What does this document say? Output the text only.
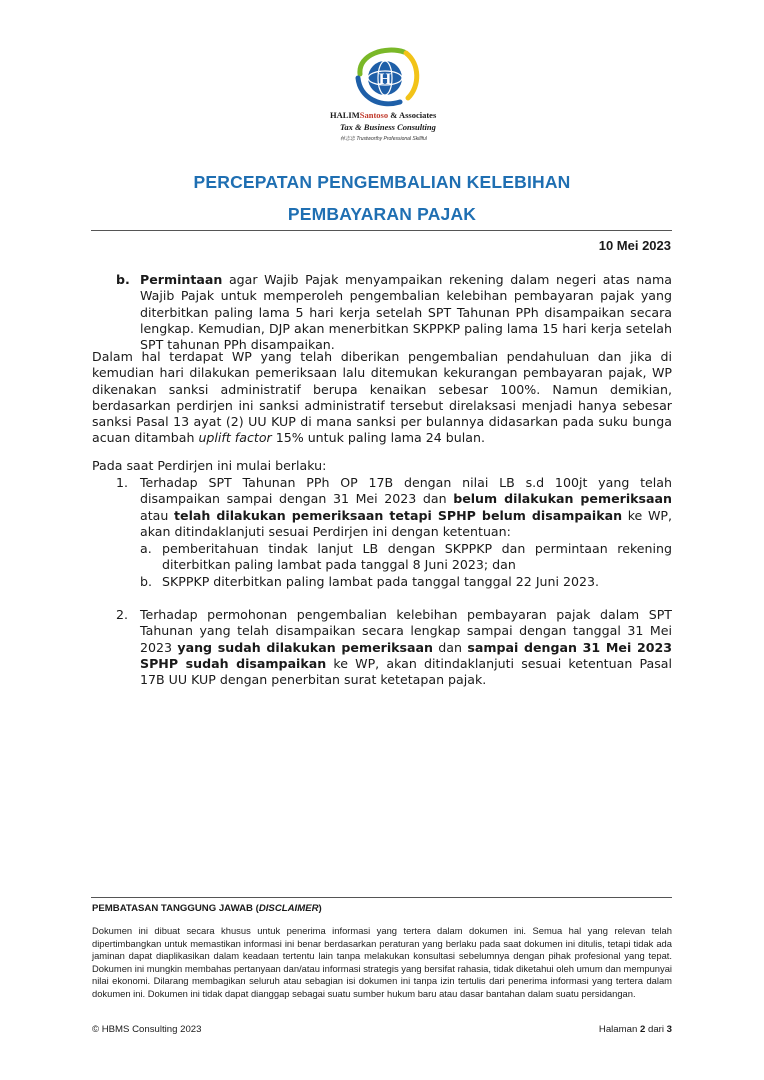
H
HALIMSantoso & Associates
Tax & Business Consulting
林志忠 Trustworthy Professional Skillful
PERCEPATAN PENGEMBALIAN KELEBIHAN
PEMBAYARAN PAJAK
10 Mei 2023
b. Permintaan agar Wajib Pajak menyampaikan rekening dalam negeri atas nama Wajib Pajak untuk memperoleh pengembalian kelebihan pembayaran pajak yang diterbitkan paling lama 5 hari kerja setelah SPT Tahunan PPh disampaikan secara lengkap. Kemudian, DJP akan menerbitkan SKPPKP paling lama 15 hari kerja setelah SPT tahunan PPh disampaikan.
Dalam hal terdapat WP yang telah diberikan pengembalian pendahuluan dan jika di kemudian hari dilakukan pemeriksaan lalu ditemukan kekurangan pembayaran pajak, WP dikenakan sanksi administratif berupa kenaikan sebesar 100%. Namun demikian, berdasarkan perdirjen ini sanksi administratif tersebut direlaksasi menjadi hanya sebesar sanksi Pasal 13 ayat (2) UU KUP di mana sanksi per bulannya didasarkan pada suku bunga acuan ditambah uplift factor 15% untuk paling lama 24 bulan.
Pada saat Perdirjen ini mulai berlaku:
1. Terhadap SPT Tahunan PPh OP 17B dengan nilai LB s.d 100jt yang telah disampaikan sampai dengan 31 Mei 2023 dan belum dilakukan pemeriksaan atau telah dilakukan pemeriksaan tetapi SPHP belum disampaikan ke WP, akan ditindaklanjuti sesuai Perdirjen ini dengan ketentuan:
a. pemberitahuan tindak lanjut LB dengan SKPPKP dan permintaan rekening diterbitkan paling lambat pada tanggal 8 Juni 2023; dan
b. SKPPKP diterbitkan paling lambat pada tanggal tanggal 22 Juni 2023.
2. Terhadap permohonan pengembalian kelebihan pembayaran pajak dalam SPT Tahunan yang telah disampaikan secara lengkap sampai dengan tanggal 31 Mei 2023 yang sudah dilakukan pemeriksaan dan sampai dengan 31 Mei 2023 SPHP sudah disampaikan ke WP, akan ditindaklanjuti sesuai ketentuan Pasal 17B UU KUP dengan penerbitan surat ketetapan pajak.
PEMBATASAN TANGGUNG JAWAB (DISCLAIMER)
Dokumen ini dibuat secara khusus untuk penerima informasi yang tertera dalam dokumen ini. Semua hal yang relevan telah dipertimbangkan untuk memastikan informasi ini benar berdasarkan peraturan yang berlaku pada saat dokumen ini ditulis, tetapi tidak ada jaminan dapat diaplikasikan dalam keadaan tertentu lain tanpa melakukan konsultasi sebelumnya dengan pihak profesional yang tepat. Dokumen ini mungkin membahas pertanyaan dan/atau informasi strategis yang bersifat rahasia, tidak diketahui oleh umum dan mempunyai nilai ekonomi. Dilarang membagikan seluruh atau sebagian isi dokumen ini tanpa izin tertulis dari penerima informasi yang tertera dalam dokumen ini. Dokumen ini tidak dapat dianggap sebagai suatu sumber hukum baru atau dasar bantahan dalam suatu persidangan.
© HBMS Consulting 2023	Halaman 2 dari 3
